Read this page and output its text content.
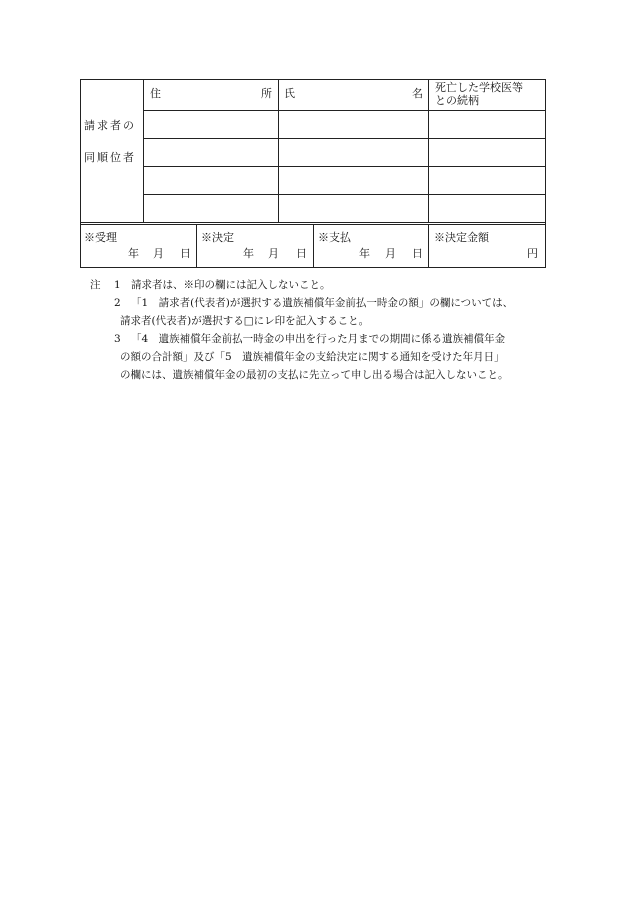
請求者の
同順位者
住	所 氏	名 死亡した学校医等
との続柄
※受理
年 月 日
※決定
年 月 日
※支払
年 月 日
※決定金額
円
注 1 請求者は、※印の欄には記入しないこと。
2 「1　請求者(代表者)が選択する遺族補償年金前払一時金の額」の欄については、
請求者(代表者)が選択する□にレ印を記入すること。
3 「4　遺族補償年金前払一時金の申出を行った月までの期間に係る遺族補償年金
の額の合計額」及び「5　遺族補償年金の支給決定に関する通知を受けた年月日」
の欄には、遺族補償年金の最初の支払に先立って申し出る場合は記入しないこと。
